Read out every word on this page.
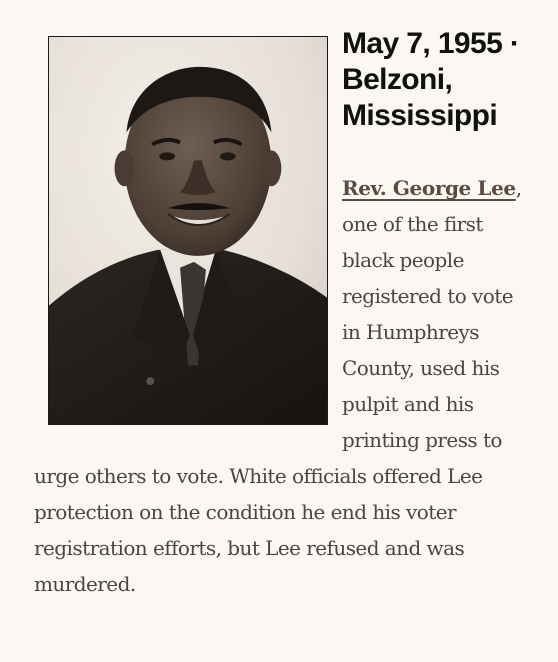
May 7, 1955 ·
Belzoni,
Mississippi
Rev. George Lee,
one of the first
black people
registered to vote
in Humphreys
County, used his
pulpit and his
printing press to
urge others to vote. White officials offered Lee
protection on the condition he end his voter
registration efforts, but Lee refused and was
murdered.
